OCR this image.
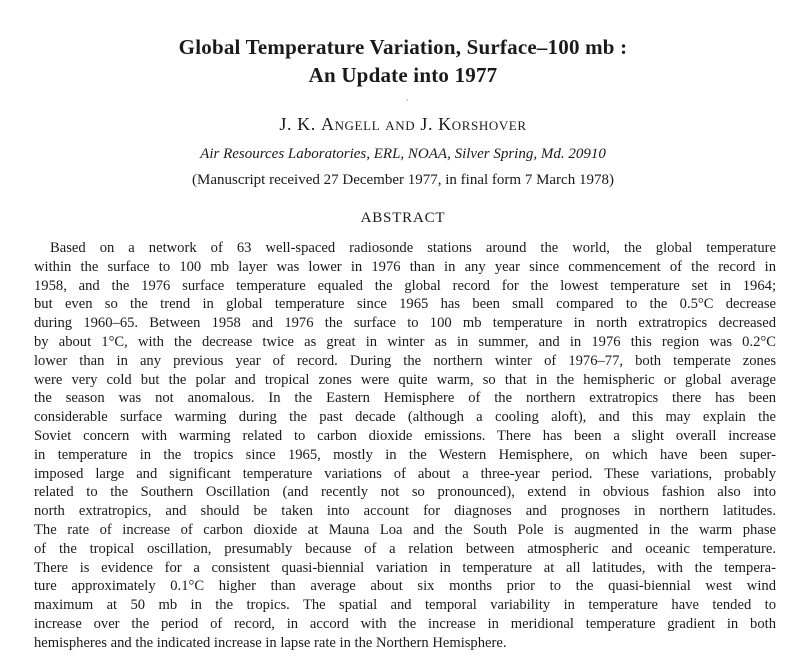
Global Temperature Variation, Surface–100 mb :
An Update into 1977
J. K. Angell and J. Korshover
Air Resources Laboratories, ERL, NOAA, Silver Spring, Md. 20910
(Manuscript received 27 December 1977, in final form 7 March 1978)
ABSTRACT
Based on a network of 63 well-spaced radiosonde stations around the world, the global temperature
within the surface to 100 mb layer was lower in 1976 than in any year since commencement of the record in
1958, and the 1976 surface temperature equaled the global record for the lowest temperature set in 1964;
but even so the trend in global temperature since 1965 has been small compared to the 0.5°C decrease
during 1960–65. Between 1958 and 1976 the surface to 100 mb temperature in north extratropics decreased
by about 1°C, with the decrease twice as great in winter as in summer, and in 1976 this region was 0.2°C
lower than in any previous year of record. During the northern winter of 1976–77, both temperate zones
were very cold but the polar and tropical zones were quite warm, so that in the hemispheric or global average
the season was not anomalous. In the Eastern Hemisphere of the northern extratropics there has been
considerable surface warming during the past decade (although a cooling aloft), and this may explain the
Soviet concern with warming related to carbon dioxide emissions. There has been a slight overall increase
in temperature in the tropics since 1965, mostly in the Western Hemisphere, on which have been super-
imposed large and significant temperature variations of about a three-year period. These variations, probably
related to the Southern Oscillation (and recently not so pronounced), extend in obvious fashion also into
north extratropics, and should be taken into account for diagnoses and prognoses in northern latitudes.
The rate of increase of carbon dioxide at Mauna Loa and the South Pole is augmented in the warm phase
of the tropical oscillation, presumably because of a relation between atmospheric and oceanic temperature.
There is evidence for a consistent quasi-biennial variation in temperature at all latitudes, with the tempera-
ture approximately 0.1°C higher than average about six months prior to the quasi-biennial west wind
maximum at 50 mb in the tropics. The spatial and temporal variability in temperature have tended to
increase over the period of record, in accord with the increase in meridional temperature gradient in both
hemispheres and the indicated increase in lapse rate in the Northern Hemisphere.
